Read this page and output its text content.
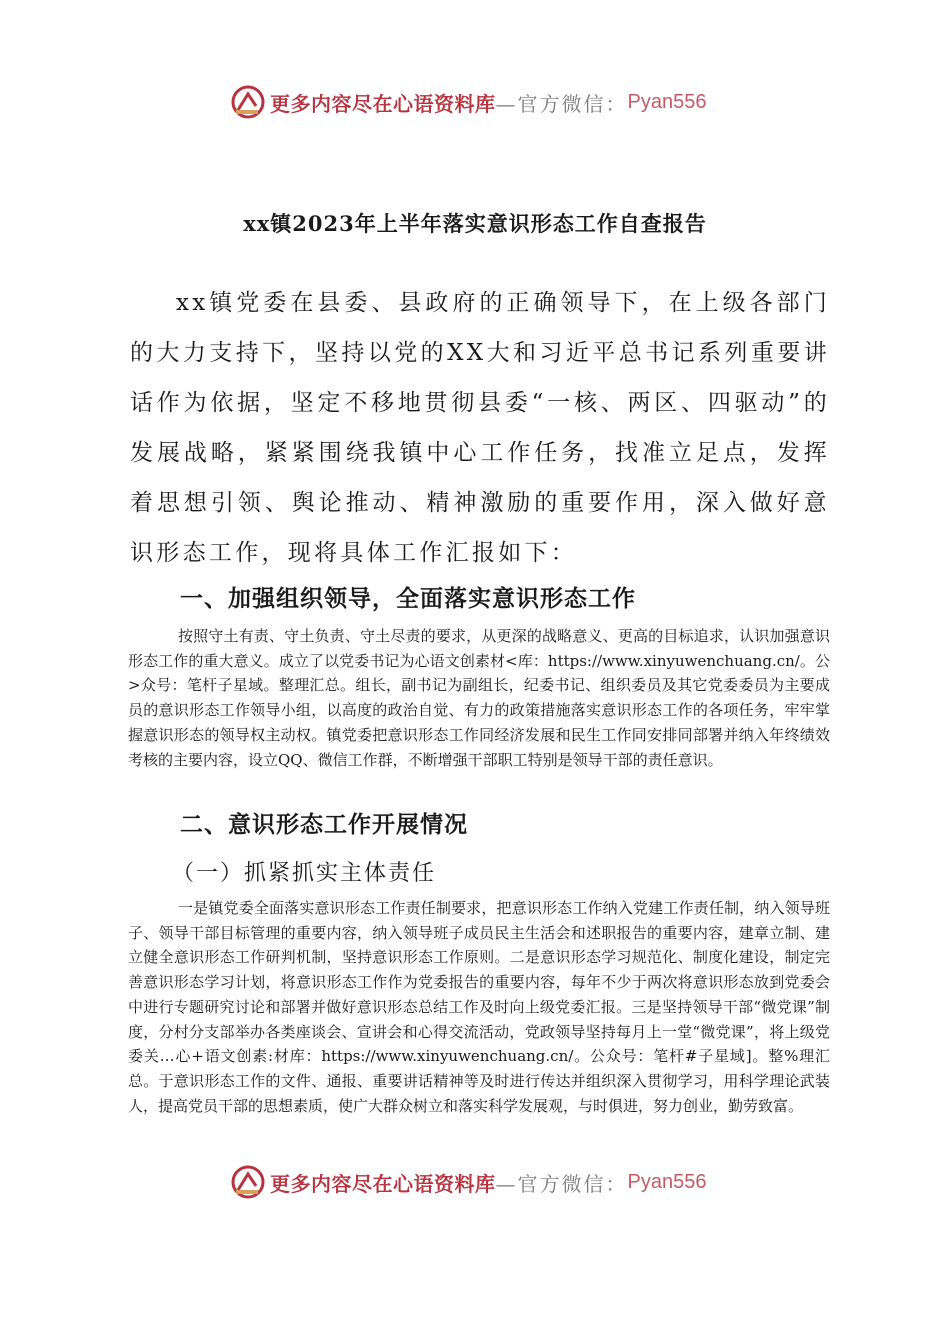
更多内容尽在心语资料库 —官方微信： Pyan556
xx镇2023年上半年落实意识形态工作自查报告

xx镇党委在县委、县政府的正确领导下，在上级各部门的大力支持下，坚持以党的XX大和习近平总书记系列重要讲话作为依据，坚定不移地贯彻县委“一核、两区、四驱动”的发展战略，紧紧围绕我镇中心工作任务，找准立足点，发挥着思想引领、舆论推动、精神激励的重要作用，深入做好意识形态工作，现将具体工作汇报如下：

一、加强组织领导，全面落实意识形态工作

按照守土有责、守土负责、守土尽责的要求，从更深的战略意义、更高的目标追求，认识加强意识形态工作的重大意义。成立了以党委书记为心语文创素材<库：https://www.xinyuwenchuang.cn/。公>众号：笔杆子星域。整理汇总。组长，副书记为副组长，纪委书记、组织委员及其它党委委员为主要成员的意识形态工作领导小组，以高度的政治自觉、有力的政策措施落实意识形态工作的各项任务，牢牢掌握意识形态的领导权主动权。镇党委把意识形态工作同经济发展和民生工作同安排同部署并纳入年终绩效考核的主要内容，设立QQ、微信工作群，不断增强干部职工特别是领导干部的责任意识。

二、意识形态工作开展情况
（一）抓紧抓实主体责任

一是镇党委全面落实意识形态工作责任制要求，把意识形态工作纳入党建工作责任制，纳入领导班子、领导干部目标管理的重要内容，纳入领导班子成员民主生活会和述职报告的重要内容，建章立制、建立健全意识形态工作研判机制，坚持意识形态工作原则。二是意识形态学习规范化、制度化建设，制定完善意识形态学习计划，将意识形态工作作为党委报告的重要内容，每年不少于两次将意识形态放到党委会中进行专题研究讨论和部署并做好意识形态总结工作及时向上级党委汇报。三是坚持领导干部“微党课”制度，分村分支部举办各类座谈会、宣讲会和心得交流活动，党政领导坚持每月上一堂“微党课”，将上级党委关…心+语文创素:材库：https://www.xinyuwenchuang.cn/。公众号：笔杆#子星域]。整%理汇总。于意识形态工作的文件、通报、重要讲话精神等及时进行传达并组织深入贯彻学习，用科学理论武装人，提高党员干部的思想素质，使广大群众树立和落实科学发展观，与时俱进，努力创业，勤劳致富。

更多内容尽在心语资料库 —官方微信： Pyan556
